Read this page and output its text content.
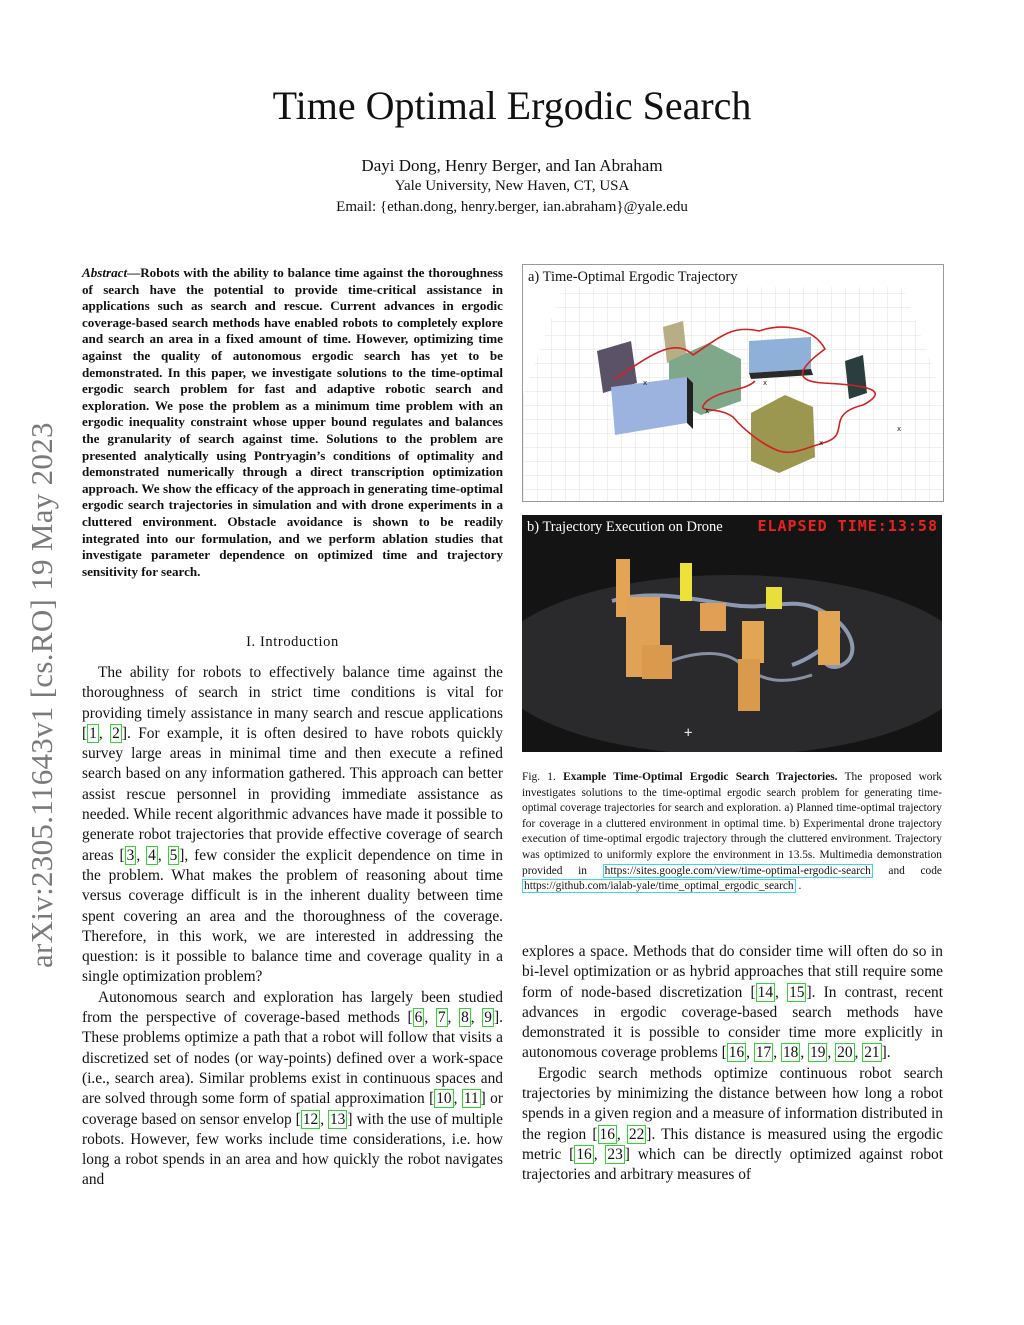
Time Optimal Ergodic Search
Dayi Dong, Henry Berger, and Ian Abraham
Yale University, New Haven, CT, USA
Email: {ethan.dong, henry.berger, ian.abraham}@yale.edu
arXiv:2305.11643v1 [cs.RO] 19 May 2023
Abstract—Robots with the ability to balance time against the thoroughness of search have the potential to provide time-critical assistance in applications such as search and rescue. Current advances in ergodic coverage-based search methods have enabled robots to completely explore and search an area in a fixed amount of time. However, optimizing time against the quality of autonomous ergodic search has yet to be demonstrated. In this paper, we investigate solutions to the time-optimal ergodic search problem for fast and adaptive robotic search and exploration. We pose the problem as a minimum time problem with an ergodic inequality constraint whose upper bound regulates and balances the granularity of search against time. Solutions to the problem are presented analytically using Pontryagin’s conditions of optimality and demonstrated numerically through a direct transcription optimization approach. We show the efficacy of the approach in generating time-optimal ergodic search trajectories in simulation and with drone experiments in a cluttered environment. Obstacle avoidance is shown to be readily integrated into our formulation, and we perform ablation studies that investigate parameter dependence on optimized time and trajectory sensitivity for search.
I. Introduction

The ability for robots to effectively balance time against the thoroughness of search in strict time conditions is vital for providing timely assistance in many search and rescue applications [ 1 , 2 ]. For example, it is often desired to have robots quickly survey large areas in minimal time and then execute a refined search based on any information gathered. This approach can better assist rescue personnel in providing immediate assistance as needed. While recent algorithmic advances have made it possible to generate robot trajectories that provide effective coverage of search areas [ 3 , 4 , 5 ], few consider the explicit dependence on time in the problem. What makes the problem of reasoning about time versus coverage difficult is in the inherent duality between time spent covering an area and the thoroughness of the coverage. Therefore, in this work, we are interested in addressing the question: is it possible to balance time and coverage quality in a single optimization problem?

Autonomous search and exploration has largely been studied from the perspective of coverage-based methods [ 6 , 7 , 8 , 9 ]. These problems optimize a path that a robot will follow that visits a discretized set of nodes (or way-points) defined over a work-space (i.e., search area). Similar problems exist in continuous spaces and are solved through some form of spatial approximation [ 10 , 11 ] or coverage based on sensor envelop [ 12 , 13 ] with the use of multiple robots. However, few works include time considerations, i.e. how long a robot spends in an area and how quickly the robot navigates and

x
x
x
x
x
a) Time-Optimal Ergodic Trajectory
+
b) Trajectory Execution on Drone ELAPSED TIME:13:58
Fig. 1. Example Time-Optimal Ergodic Search Trajectories. The proposed work investigates solutions to the time-optimal ergodic search problem for generating time-optimal coverage trajectories for search and exploration. a) Planned time-optimal trajectory for coverage in a cluttered environment in optimal time. b) Experimental drone trajectory execution of time-optimal ergodic trajectory through the cluttered environment. Trajectory was optimized to uniformly explore the environment in 13.5s. Multimedia demonstration provided in https://sites.google.com/view/time-optimal-ergodic-search and code https://github.com/ialab-yale/time_optimal_ergodic_search .

explores a space. Methods that do consider time will often do so in bi-level optimization or as hybrid approaches that still require some form of node-based discretization [ 14 , 15 ]. In contrast, recent advances in ergodic coverage-based search methods have demonstrated it is possible to consider time more explicitly in autonomous coverage problems [ 16 , 17 , 18 , 19 , 20 , 21 ].

Ergodic search methods optimize continuous robot search trajectories by minimizing the distance between how long a robot spends in a given region and a measure of information distributed in the region [ 16 , 22 ]. This distance is measured using the ergodic metric [ 16 , 23 ] which can be directly optimized against robot trajectories and arbitrary measures of
